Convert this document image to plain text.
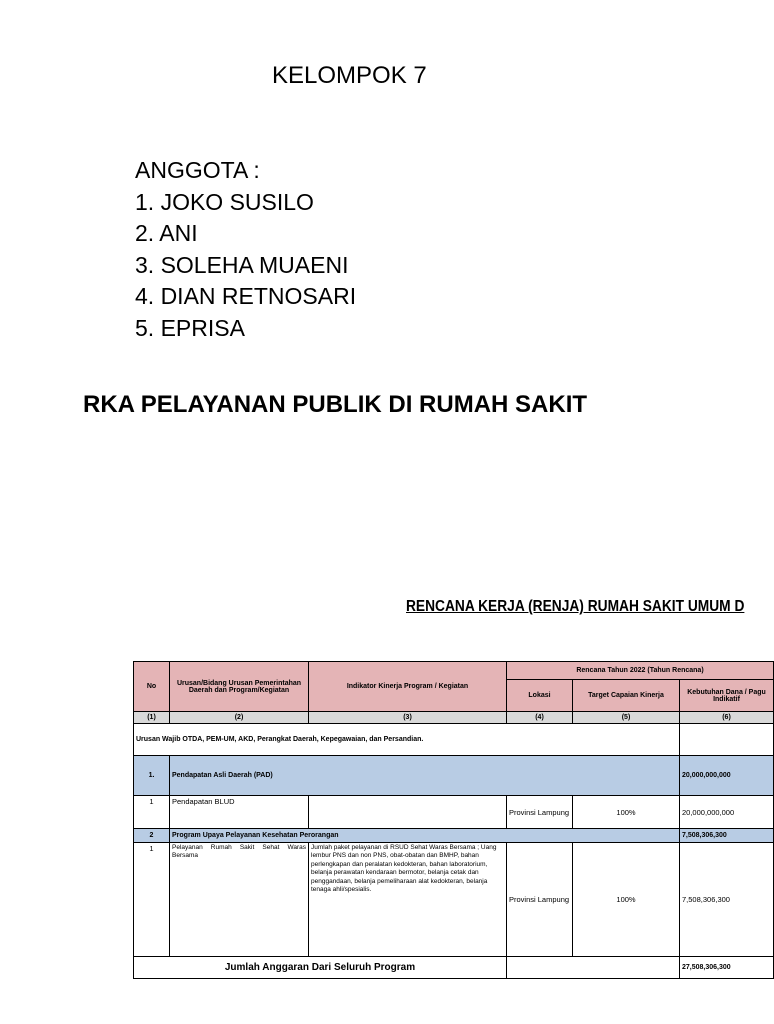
KELOMPOK 7
ANGGOTA :
1. JOKO SUSILO
2. ANI
3. SOLEHA MUAENI
4. DIAN RETNOSARI
5. EPRISA
RKA PELAYANAN PUBLIK DI RUMAH SAKIT
RENCANA KERJA (RENJA) RUMAH SAKIT UMUM D
No	Urusan/Bidang Urusan Pemerintahan Daerah dan Program/Kegiatan	Indikator Kinerja Program / Kegiatan	Rencana Tahun 2022 (Tahun Rencana)		
			Lokasi	Target Capaian Kinerja	Kebutuhan Dana / Pagu Indikatif
(1)	(2)	(3)	(4)	(5)	(6)
Urusan Wajib OTDA, PEM-UM, AKD, Perangkat Daerah, Kepegawaian, dan Persandian.					
1.	Pendapatan Asli Daerah (PAD)				20,000,000,000
1	Pendapatan BLUD		Provinsi Lampung	100%	20,000,000,000
2	Program Upaya Pelayanan Kesehatan Perorangan				7,508,306,300
1	Pelayanan Rumah Sakit Sehat Waras Bersama	Jumlah paket pelayanan di RSUD Sehat Waras Bersama ; Uang lembur PNS dan non PNS, obat-obatan dan BMHP, bahan perlengkapan dan peralatan kedokteran, bahan laboratorium, belanja perawatan kendaraan bermotor, belanja cetak dan penggandaan, belanja pemeliharaan alat kedokteran, belanja tenaga ahli/spesialis.	Provinsi Lampung	100%	7,508,306,300
Jumlah Anggaran Dari Seluruh Program					27,508,306,300
